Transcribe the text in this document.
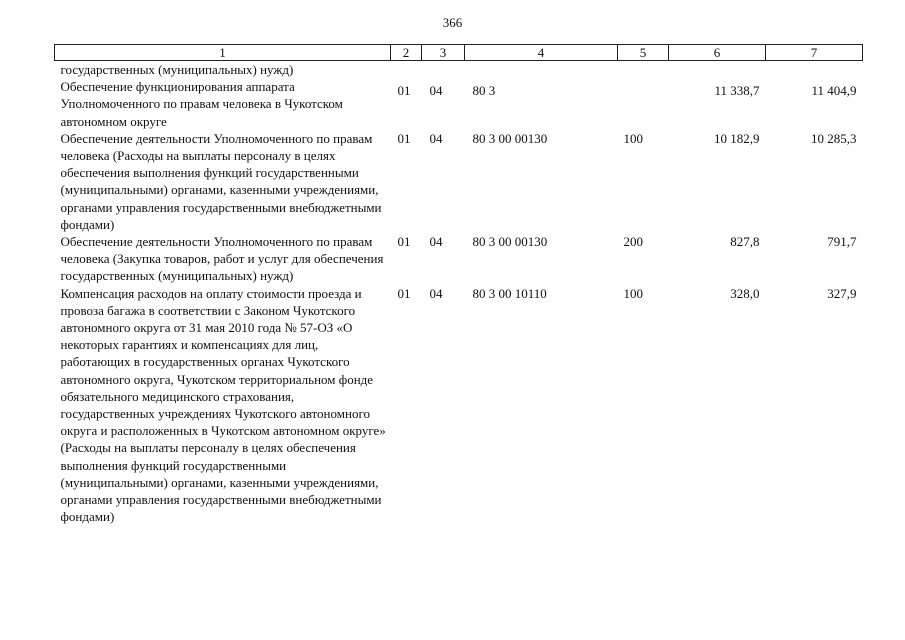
366
1	2	3	4	5	6	7
государственных (муниципальных) нужд)						
Обеспечение функционирования аппарата Уполномоченного по правам человека в Чукотском автономном округе	01	04	80 3		11 338,7	11 404,9
Обеспечение деятельности Уполномоченного по правам человека (Расходы на выплаты персоналу в целях обеспечения выполнения функций государственными (муниципальными) органами, казенными учреждениями, органами управления государственными внебюджетными фондами)	01	04	80 3 00 00130	100	10 182,9	10 285,3
Обеспечение деятельности Уполномоченного по правам человека (Закупка товаров, работ и услуг для обеспечения государственных (муниципальных) нужд)	01	04	80 3 00 00130	200	827,8	791,7
Компенсация расходов на оплату стоимости проезда и провоза багажа в соответствии с Законом Чукотского автономного округа от 31 мая 2010 года № 57-ОЗ «О некоторых гарантиях и компенсациях для лиц, работающих в государственных органах Чукотского автономного округа, Чукотском территориальном фонде обязательного медицинского страхования, государственных учреждениях Чукотского автономного округа и расположенных в Чукотском автономном округе» (Расходы на выплаты персоналу в целях обеспечения выполнения функций государственными (муниципальными) органами, казенными учреждениями, органами управления государственными внебюджетными фондами)	01	04	80 3 00 10110	100	328,0	327,9
